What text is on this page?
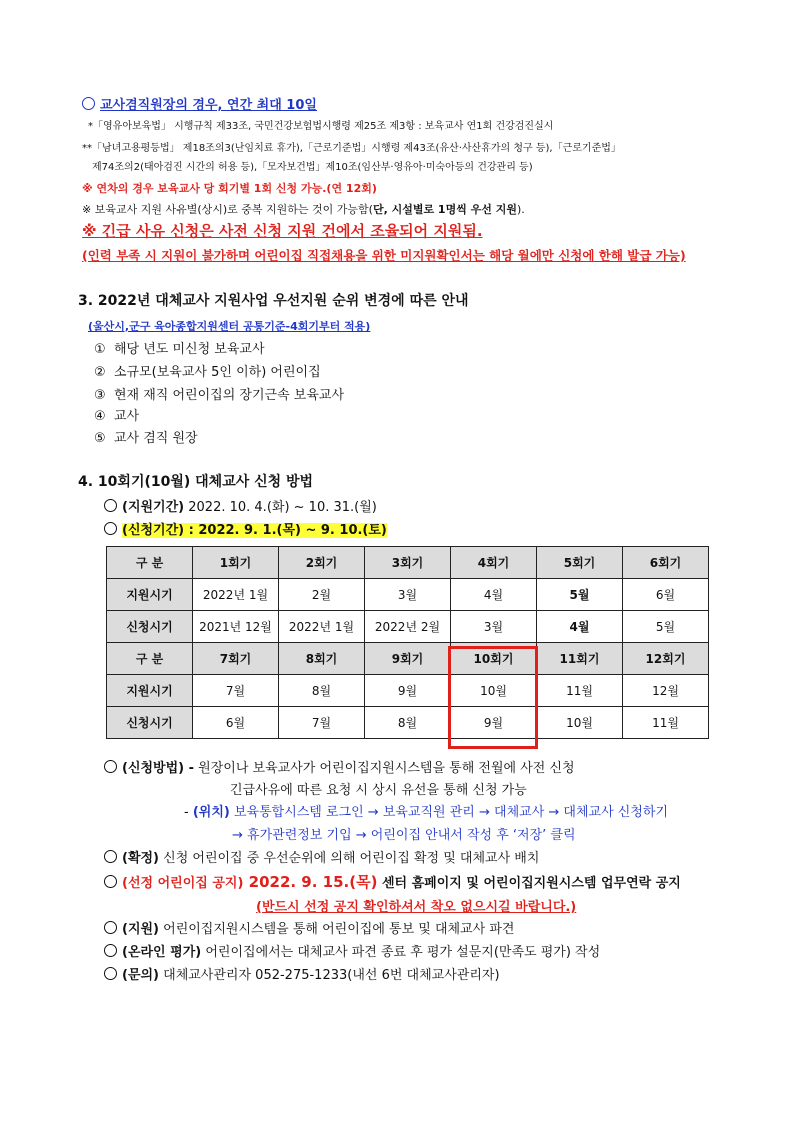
교사겸직원장의 경우, 연간 최대 10일
*「영유아보육법」 시행규칙 제33조, 국민건강보험법시행령 제25조 제3항 : 보육교사 연1회 건강검진실시
**「남녀고용평등법」 제18조의3(난임치료 휴가),「근로기준법」시행령 제43조(유산·사산휴가의 청구 등),「근로기준법」
제74조의2(태아검진 시간의 허용 등),「모자보건법」제10조(임산부·영유아·미숙아등의 건강관리 등)
※ 연차의 경우 보육교사 당 회기별 1회 신청 가능.(연 12회)
※ 보육교사 지원 사유별(상시)로 중복 지원하는 것이 가능함(단, 시설별로 1명씩 우선 지원).
※ 긴급 사유 신청은 사전 신청 지원 건에서 조율되어 지원됨.
(인력 부족 시 지원이 불가하며 어린이집 직접채용을 위한 미지원확인서는 해당 월에만 신청에 한해 발급 가능)
3. 2022년 대체교사 지원사업 우선지원 순위 변경에 따른 안내
(울산시,군구 육아종합지원센터 공통기준-4회기부터 적용)
① 해당 년도 미신청 보육교사
② 소규모(보육교사 5인 이하) 어린이집
③ 현재 재직 어린이집의 장기근속 보육교사
④ 교사
⑤ 교사 겸직 원장
4. 10회기(10월) 대체교사 신청 방법
(지원기간) 2022. 10. 4.(화) ~ 10. 31.(월)
(신청기간) : 2022. 9. 1.(목) ~ 9. 10.(토)
구 분	1회기	2회기	3회기	4회기	5회기	6회기
지원시기	2022년 1월	2월	3월	4월	5월	6월
신청시기	2021년 12월	2022년 1월	2022년 2월	3월	4월	5월
구 분	7회기	8회기	9회기	10회기	11회기	12회기
지원시기	7월	8월	9월	10월	11월	12월
신청시기	6월	7월	8월	9월	10월	11월
(신청방법) - 원장이나 보육교사가 어린이집지원시스템을 통해 전월에 사전 신청
긴급사유에 따른 요청 시 상시 유선을 통해 신청 가능
- (위치) 보육통합시스템 로그인 → 보육교직원 관리 → 대체교사 → 대체교사 신청하기
→ 휴가관련정보 기입 → 어린이집 안내서 작성 후 ‘저장’ 클릭
(확정) 신청 어린이집 중 우선순위에 의해 어린이집 확정 및 대체교사 배치
(선정 어린이집 공지) 2022. 9. 15.(목) 센터 홈페이지 및 어린이집지원시스템 업무연락 공지
(반드시 선정 공지 확인하셔서 착오 없으시길 바랍니다.)
(지원) 어린이집지원시스템을 통해 어린이집에 통보 및 대체교사 파견
(온라인 평가) 어린이집에서는 대체교사 파견 종료 후 평가 설문지(만족도 평가) 작성
(문의) 대체교사관리자 052-275-1233(내선 6번 대체교사관리자)
